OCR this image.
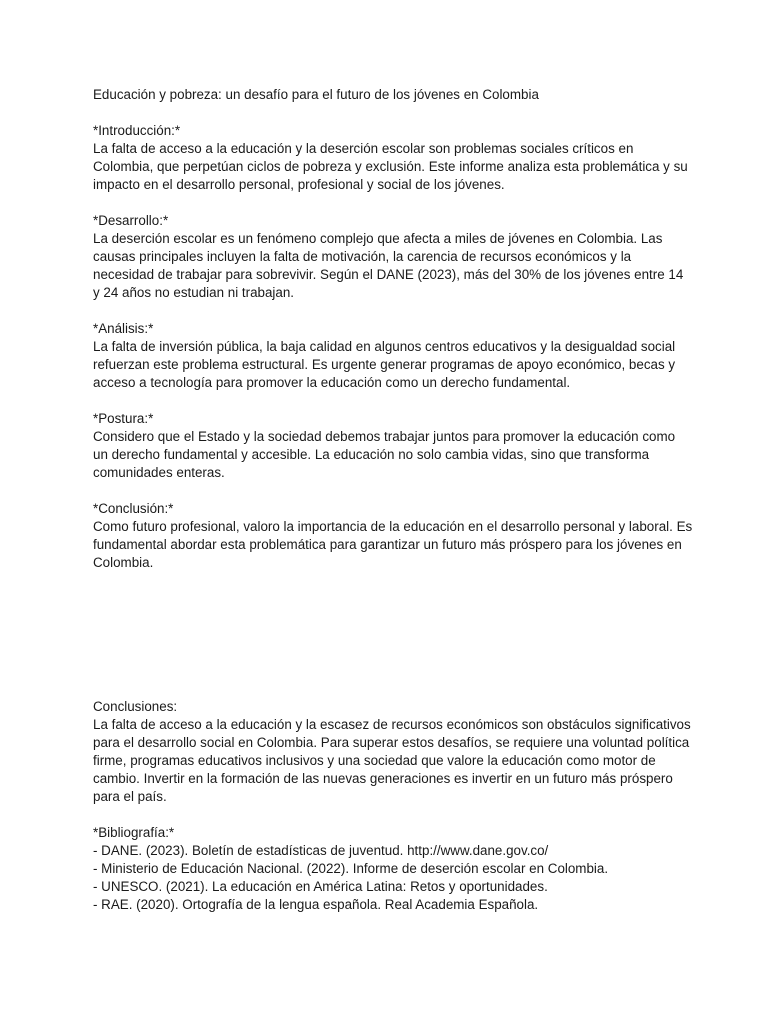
Educación y pobreza: un desafío para el futuro de los jóvenes en Colombia

*Introducción:*

La falta de acceso a la educación y la deserción escolar son problemas sociales críticos en Colombia, que perpetúan ciclos de pobreza y exclusión. Este informe analiza esta problemática y su impacto en el desarrollo personal, profesional y social de los jóvenes.

*Desarrollo:*

La deserción escolar es un fenómeno complejo que afecta a miles de jóvenes en Colombia. Las causas principales incluyen la falta de motivación, la carencia de recursos económicos y la necesidad de trabajar para sobrevivir. Según el DANE (2023), más del 30% de los jóvenes entre 14 y 24 años no estudian ni trabajan.

*Análisis:*

La falta de inversión pública, la baja calidad en algunos centros educativos y la desigualdad social refuerzan este problema estructural. Es urgente generar programas de apoyo económico, becas y acceso a tecnología para promover la educación como un derecho fundamental.

*Postura:*

Considero que el Estado y la sociedad debemos trabajar juntos para promover la educación como un derecho fundamental y accesible. La educación no solo cambia vidas, sino que transforma comunidades enteras.

*Conclusión:*

Como futuro profesional, valoro la importancia de la educación en el desarrollo personal y laboral. Es fundamental abordar esta problemática para garantizar un futuro más próspero para los jóvenes en Colombia.

Conclusiones:

La falta de acceso a la educación y la escasez de recursos económicos son obstáculos significativos para el desarrollo social en Colombia. Para superar estos desafíos, se requiere una voluntad política firme, programas educativos inclusivos y una sociedad que valore la educación como motor de cambio. Invertir en la formación de las nuevas generaciones es invertir en un futuro más próspero para el país.

*Bibliografía:*

- DANE. (2023). Boletín de estadísticas de juventud. http://www.dane.gov.co/
- Ministerio de Educación Nacional. (2022). Informe de deserción escolar en Colombia.
- UNESCO. (2021). La educación en América Latina: Retos y oportunidades.
- RAE. (2020). Ortografía de la lengua española. Real Academia Española.
